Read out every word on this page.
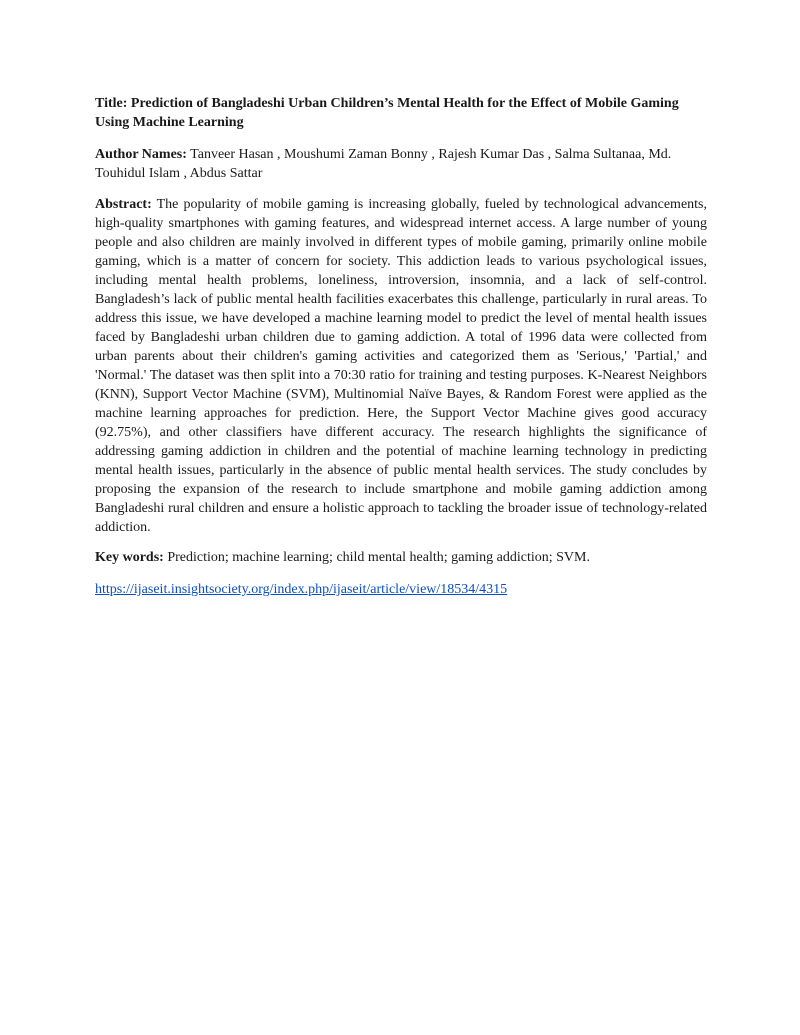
Title: Prediction of Bangladeshi Urban Children’s Mental Health for the Effect of Mobile Gaming Using Machine Learning

Author Names: Tanveer Hasan , Moushumi Zaman Bonny , Rajesh Kumar Das , Salma Sultanaa, Md. Touhidul Islam , Abdus Sattar

Abstract: The popularity of mobile gaming is increasing globally, fueled by technological advancements, high-quality smartphones with gaming features, and widespread internet access. A large number of young people and also children are mainly involved in different types of mobile gaming, primarily online mobile gaming, which is a matter of concern for society. This addiction leads to various psychological issues, including mental health problems, loneliness, introversion, insomnia, and a lack of self-control. Bangladesh’s lack of public mental health facilities exacerbates this challenge, particularly in rural areas. To address this issue, we have developed a machine learning model to predict the level of mental health issues faced by Bangladeshi urban children due to gaming addiction. A total of 1996 data were collected from urban parents about their children's gaming activities and categorized them as 'Serious,' 'Partial,' and 'Normal.' The dataset was then split into a 70:30 ratio for training and testing purposes. K-Nearest Neighbors (KNN), Support Vector Machine (SVM), Multinomial Naïve Bayes, & Random Forest were applied as the machine learning approaches for prediction. Here, the Support Vector Machine gives good accuracy (92.75%), and other classifiers have different accuracy. The research highlights the significance of addressing gaming addiction in children and the potential of machine learning technology in predicting mental health issues, particularly in the absence of public mental health services. The study concludes by proposing the expansion of the research to include smartphone and mobile gaming addiction among Bangladeshi rural children and ensure a holistic approach to tackling the broader issue of technology-related addiction.

Key words: Prediction; machine learning; child mental health; gaming addiction; SVM.

https://ijaseit.insightsociety.org/index.php/ijaseit/article/view/18534/4315
